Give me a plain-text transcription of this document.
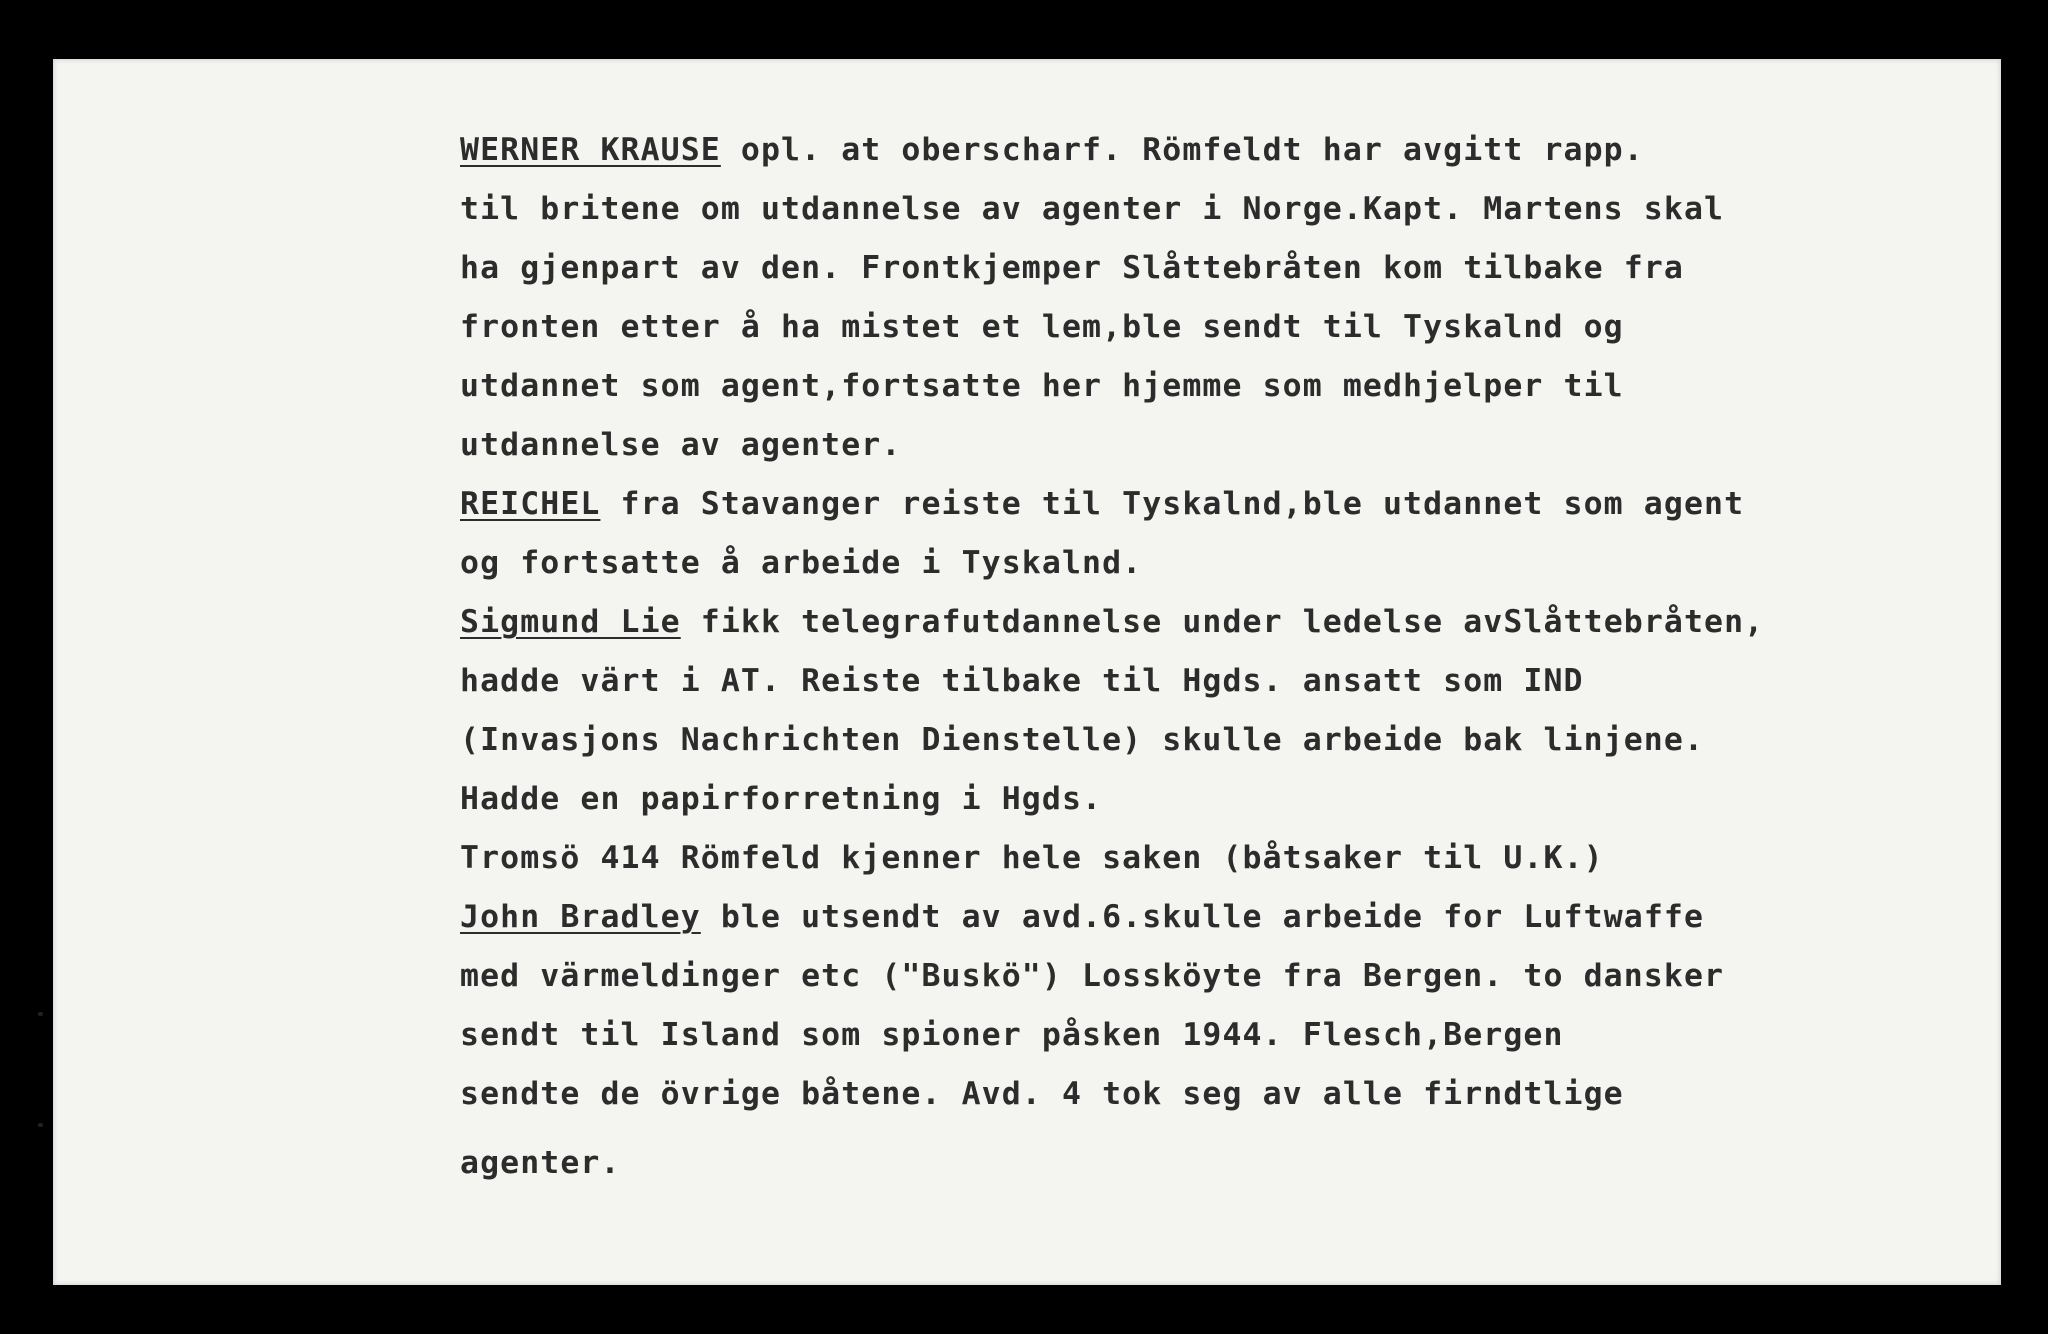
WERNER KRAUSE opl. at oberscharf. Römfeldt har avgitt rapp.
til britene om utdannelse av agenter i Norge.Kapt. Martens skal
ha gjenpart av den. Frontkjemper Slåttebråten kom tilbake fra
fronten etter å ha mistet et lem,ble sendt til Tyskalnd og
utdannet som agent,fortsatte her hjemme som medhjelper til
utdannelse av agenter.
REICHEL fra Stavanger reiste til Tyskalnd,ble utdannet som agent
og fortsatte å arbeide i Tyskalnd.
Sigmund Lie fikk telegrafutdannelse under ledelse avSlåttebråten,
hadde värt i AT. Reiste tilbake til Hgds. ansatt som IND
(Invasjons Nachrichten Dienstelle) skulle arbeide bak linjene.
Hadde en papirforretning i Hgds.
Tromsö 414 Römfeld kjenner hele saken (båtsaker til U.K.)
John Bradley ble utsendt av avd.6.skulle arbeide for Luftwaffe
med värmeldinger etc ("Buskö") Lossköyte fra Bergen. to dansker
sendt til Island som spioner påsken 1944. Flesch,Bergen
sendte de övrige båtene. Avd. 4 tok seg av alle firndtlige
agenter.
